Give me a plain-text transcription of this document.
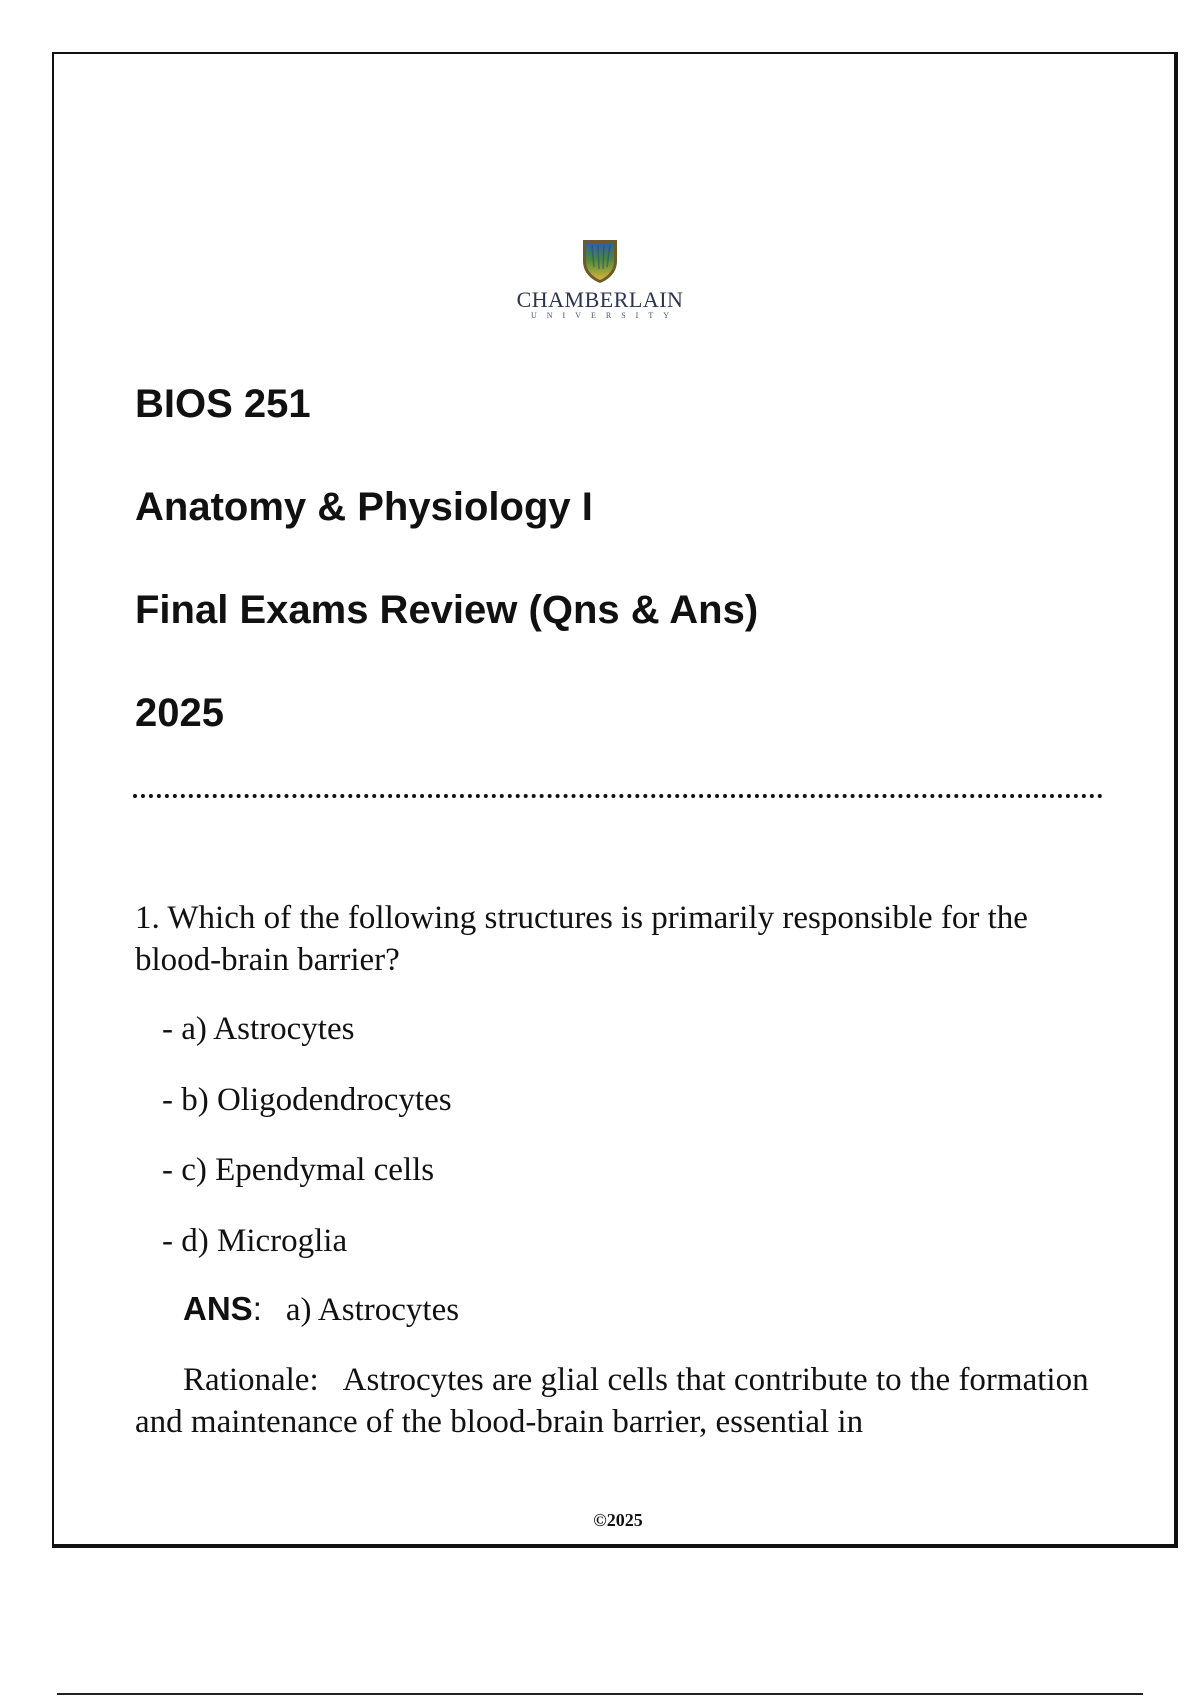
CHAMBERLAIN
UNIVERSITY
BIOS 251
Anatomy & Physiology I
Final Exams Review (Qns & Ans)
2025

1. Which of the following structures is primarily responsible for the blood-brain barrier?

- a) Astrocytes
- b) Oligodendrocytes
- c) Ependymal cells
- d) Microglia
ANS: a) Astrocytes

Rationale: Astrocytes are glial cells that contribute to the formation and maintenance of the blood-brain barrier, essential in

©2025
